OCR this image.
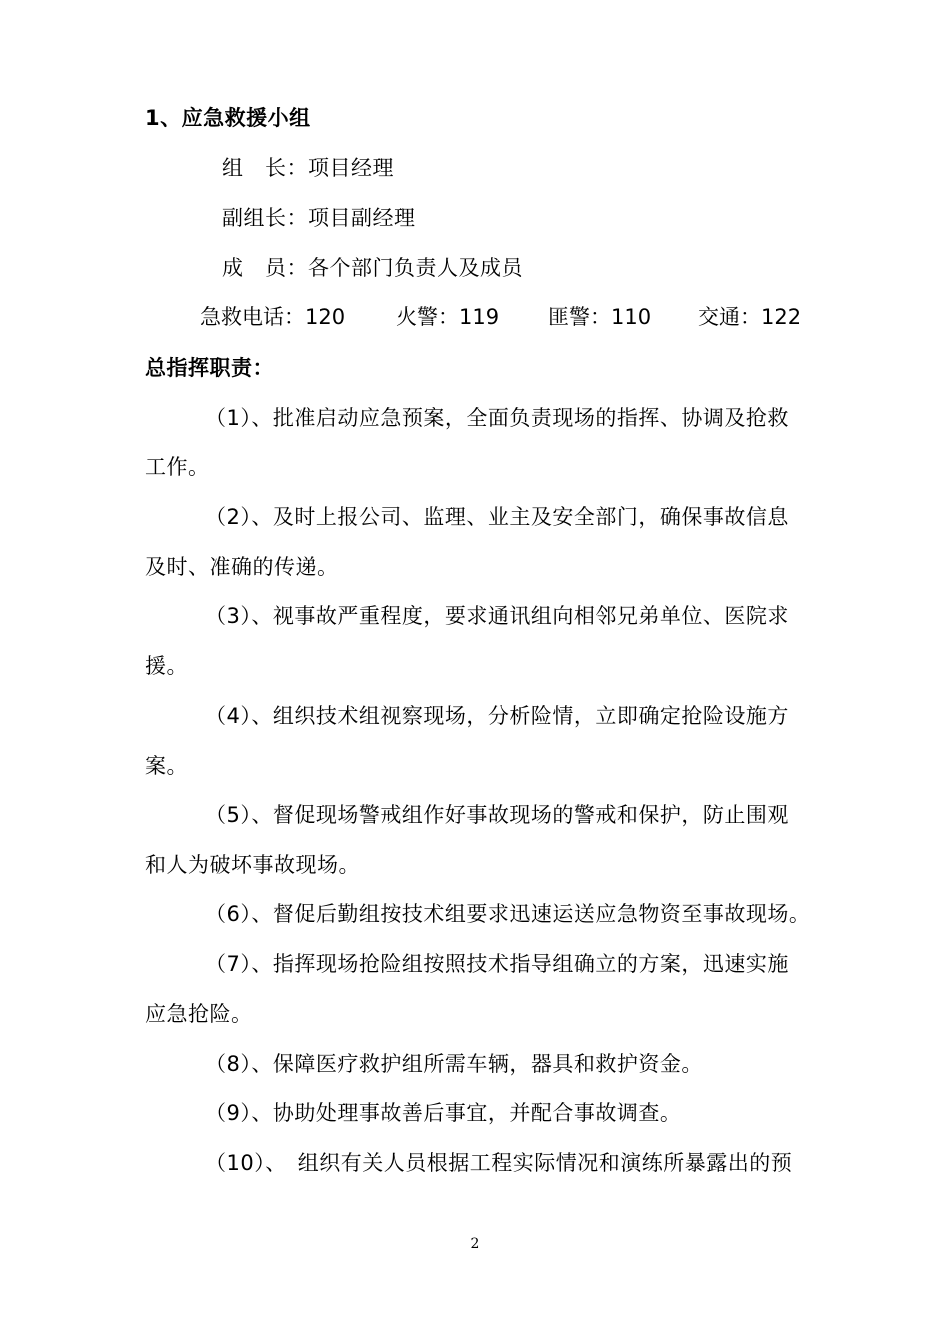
1、应急救援小组
组　长：项目经理
副组长：项目副经理
成　员：各个部门负责人及成员
急救电话：120 火警：119 匪警：110 交通：122
总指挥职责：
（1）、批准启动应急预案，全面负责现场的指挥、协调及抢救
工作。
（2）、及时上报公司、监理、业主及安全部门，确保事故信息
及时、准确的传递。
（3）、视事故严重程度，要求通讯组向相邻兄弟单位、医院求
援。
（4）、组织技术组视察现场，分析险情，立即确定抢险设施方
案。
（5）、督促现场警戒组作好事故现场的警戒和保护，防止围观
和人为破坏事故现场。
（6）、督促后勤组按技术组要求迅速运送应急物资至事故现场。
（7）、指挥现场抢险组按照技术指导组确立的方案，迅速实施
应急抢险。
（8）、保障医疗救护组所需车辆，器具和救护资金。
（9）、协助处理事故善后事宜，并配合事故调查。
（10）、　组织有关人员根据工程实际情况和演练所暴露出的预
2
